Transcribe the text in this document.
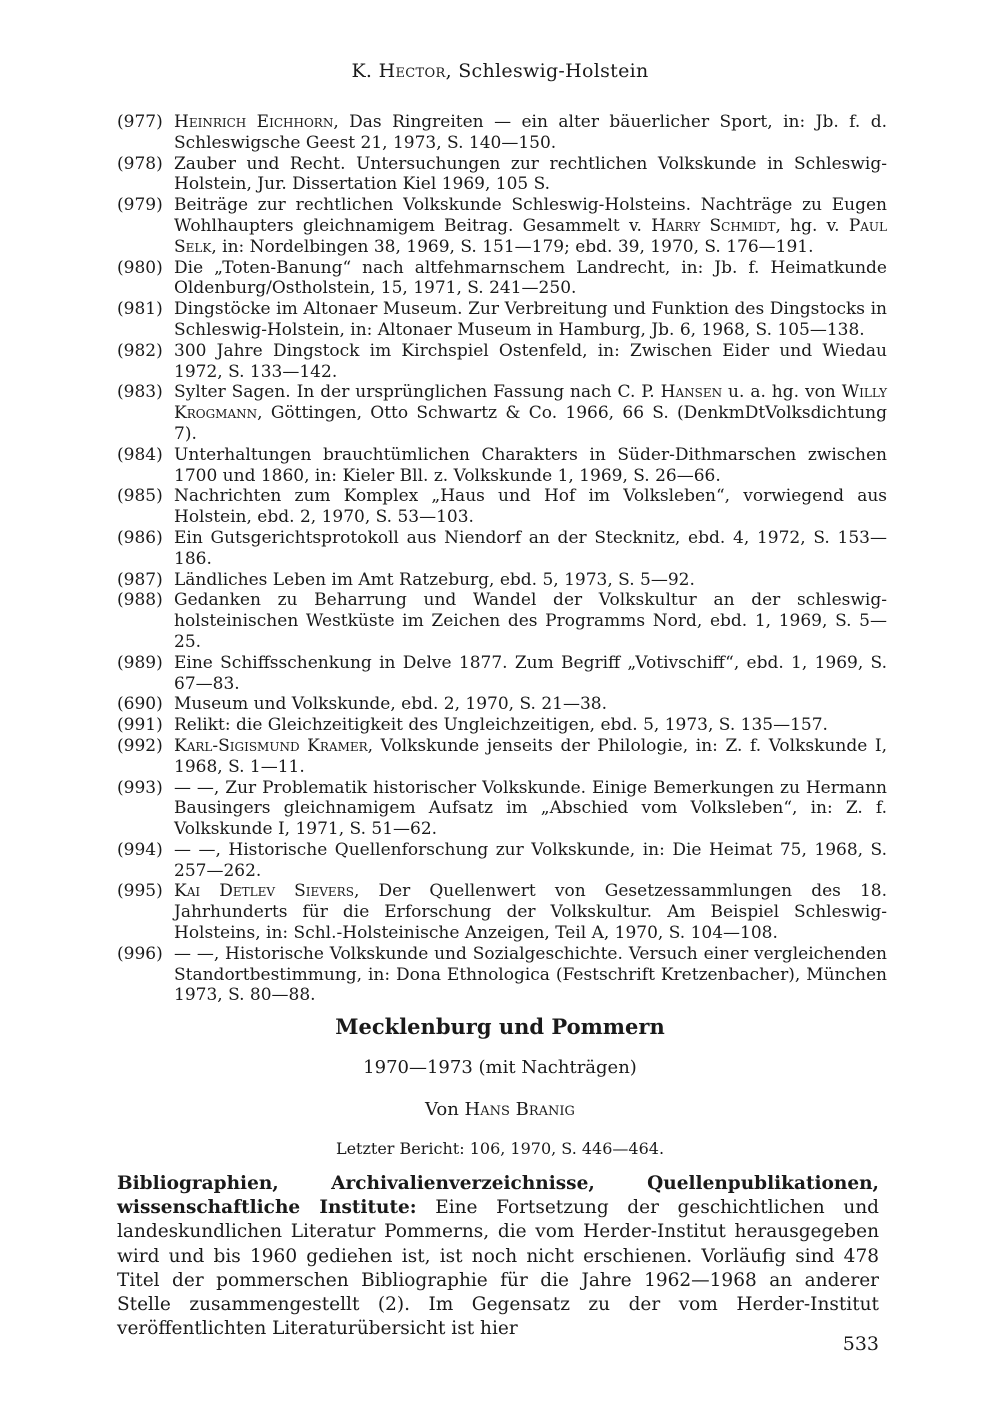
K. Hector, Schleswig-Holstein
(977) Heinrich Eichhorn, Das Ringreiten — ein alter bäuerlicher Sport, in: Jb. f. d. Schleswigsche Geest 21, 1973, S. 140—150.
(978) Zauber und Recht. Untersuchungen zur rechtlichen Volkskunde in Schleswig-Holstein, Jur. Dissertation Kiel 1969, 105 S.
(979) Beiträge zur rechtlichen Volkskunde Schleswig-Holsteins. Nachträge zu Eugen Wohlhaupters gleichnamigem Beitrag. Gesammelt v. Harry Schmidt, hg. v. Paul Selk, in: Nordelbingen 38, 1969, S. 151—179; ebd. 39, 1970, S. 176—191.
(980) Die „Toten-Banung“ nach altfehmarnschem Landrecht, in: Jb. f. Heimatkunde Oldenburg/Ostholstein, 15, 1971, S. 241—250.
(981) Dingstöcke im Altonaer Museum. Zur Verbreitung und Funktion des Dingstocks in Schleswig-Holstein, in: Altonaer Museum in Hamburg, Jb. 6, 1968, S. 105—138.
(982) 300 Jahre Dingstock im Kirchspiel Ostenfeld, in: Zwischen Eider und Wiedau 1972, S. 133—142.
(983) Sylter Sagen. In der ursprünglichen Fassung nach C. P. Hansen u. a. hg. von Willy Krogmann, Göttingen, Otto Schwartz & Co. 1966, 66 S. (DenkmDtVolksdichtung 7).
(984) Unterhaltungen brauchtümlichen Charakters in Süder-Dithmarschen zwischen 1700 und 1860, in: Kieler Bll. z. Volkskunde 1, 1969, S. 26—66.
(985) Nachrichten zum Komplex „Haus und Hof im Volksleben“, vorwiegend aus Holstein, ebd. 2, 1970, S. 53—103.
(986) Ein Gutsgerichtsprotokoll aus Niendorf an der Stecknitz, ebd. 4, 1972, S. 153—186.
(987) Ländliches Leben im Amt Ratzeburg, ebd. 5, 1973, S. 5—92.
(988) Gedanken zu Beharrung und Wandel der Volkskultur an der schleswig-holsteinischen Westküste im Zeichen des Programms Nord, ebd. 1, 1969, S. 5—25.
(989) Eine Schiffsschenkung in Delve 1877. Zum Begriff „Votivschiff“, ebd. 1, 1969, S. 67—83.
(690) Museum und Volkskunde, ebd. 2, 1970, S. 21—38.
(991) Relikt: die Gleichzeitigkeit des Ungleichzeitigen, ebd. 5, 1973, S. 135—157.
(992) Karl-Sigismund Kramer, Volkskunde jenseits der Philologie, in: Z. f. Volkskunde I, 1968, S. 1—11.
(993) — —, Zur Problematik historischer Volkskunde. Einige Bemerkungen zu Hermann Bausingers gleichnamigem Aufsatz im „Abschied vom Volksleben“, in: Z. f. Volkskunde I, 1971, S. 51—62.
(994) — —, Historische Quellenforschung zur Volkskunde, in: Die Heimat 75, 1968, S. 257—262.
(995) Kai Detlev Sievers, Der Quellenwert von Gesetzessammlungen des 18. Jahrhunderts für die Erforschung der Volkskultur. Am Beispiel Schleswig-Holsteins, in: Schl.-Holsteinische Anzeigen, Teil A, 1970, S. 104—108.
(996) — —, Historische Volkskunde und Sozialgeschichte. Versuch einer vergleichenden Standortbestimmung, in: Dona Ethnologica (Festschrift Kretzenbacher), München 1973, S. 80—88.
Mecklenburg und Pommern
1970—1973 (mit Nachträgen)
Von Hans Branig
Letzter Bericht: 106, 1970, S. 446—464.
Bibliographien, Archivalienverzeichnisse, Quellenpublikationen, wissenschaftliche Institute: Eine Fortsetzung der geschichtlichen und landeskundlichen Literatur Pommerns, die vom Herder-Institut herausgegeben wird und bis 1960 gediehen ist, ist noch nicht erschienen. Vorläufig sind 478 Titel der pommerschen Bibliographie für die Jahre 1962—1968 an anderer Stelle zusammengestellt (2). Im Gegensatz zu der vom Herder-Institut veröffentlichten Literaturübersicht ist hier
533
